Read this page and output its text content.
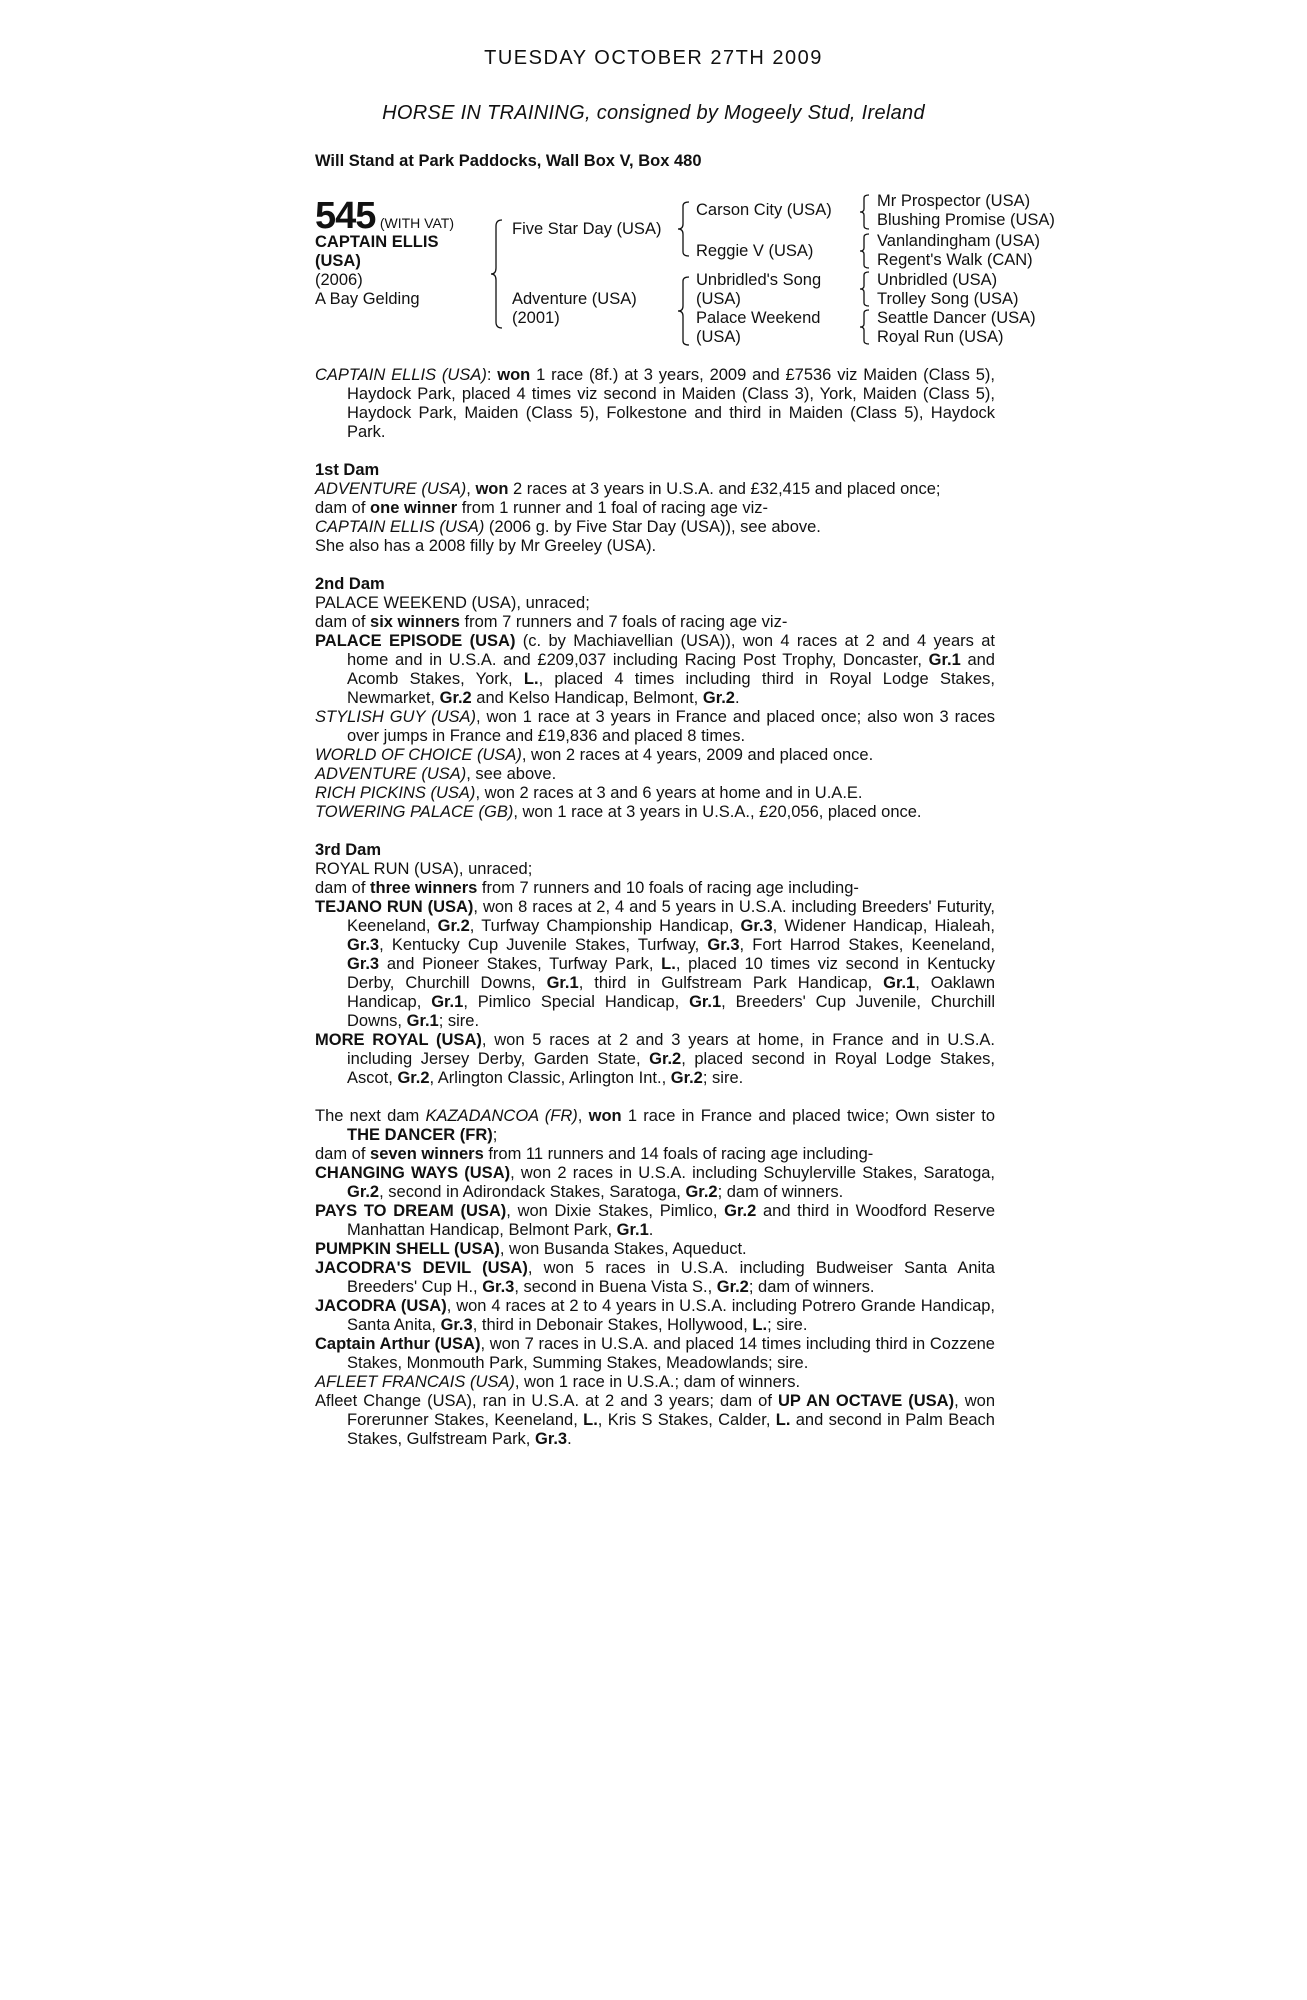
TUESDAY OCTOBER 27TH 2009
HORSE IN TRAINING, consigned by Mogeely Stud, Ireland
Will Stand at Park Paddocks, Wall Box V, Box 480
545 (WITH VAT)
CAPTAIN ELLIS
(USA)
(2006)
A Bay Gelding
Five Star Day (USA)
Adventure (USA)
(2001)
Carson City (USA)
Reggie V (USA)
Unbridled's Song
(USA)
Palace Weekend
(USA)
Mr Prospector (USA)
Blushing Promise (USA)
Vanlandingham (USA)
Regent's Walk (CAN)
Unbridled (USA)
Trolley Song (USA)
Seattle Dancer (USA)
Royal Run (USA)

CAPTAIN ELLIS (USA): won 1 race (8f.) at 3 years, 2009 and £7536 viz Maiden (Class 5), Haydock Park, placed 4 times viz second in Maiden (Class 3), York, Maiden (Class 5), Haydock Park, Maiden (Class 5), Folkestone and third in Maiden (Class 5), Haydock Park.

1st Dam

ADVENTURE (USA), won 2 races at 3 years in U.S.A. and £32,415 and placed once;

dam of one winner from 1 runner and 1 foal of racing age viz-

CAPTAIN ELLIS (USA) (2006 g. by Five Star Day (USA)), see above.

She also has a 2008 filly by Mr Greeley (USA).

2nd Dam

PALACE WEEKEND (USA), unraced;

dam of six winners from 7 runners and 7 foals of racing age viz-

PALACE EPISODE (USA) (c. by Machiavellian (USA)), won 4 races at 2 and 4 years at home and in U.S.A. and £209,037 including Racing Post Trophy, Doncaster, Gr.1 and Acomb Stakes, York, L., placed 4 times including third in Royal Lodge Stakes, Newmarket, Gr.2 and Kelso Handicap, Belmont, Gr.2.

STYLISH GUY (USA), won 1 race at 3 years in France and placed once; also won 3 races over jumps in France and £19,836 and placed 8 times.

WORLD OF CHOICE (USA), won 2 races at 4 years, 2009 and placed once.

ADVENTURE (USA), see above.

RICH PICKINS (USA), won 2 races at 3 and 6 years at home and in U.A.E.

TOWERING PALACE (GB), won 1 race at 3 years in U.S.A., £20,056, placed once.

3rd Dam

ROYAL RUN (USA), unraced;

dam of three winners from 7 runners and 10 foals of racing age including-

TEJANO RUN (USA), won 8 races at 2, 4 and 5 years in U.S.A. including Breeders' Futurity, Keeneland, Gr.2, Turfway Championship Handicap, Gr.3, Widener Handicap, Hialeah, Gr.3, Kentucky Cup Juvenile Stakes, Turfway, Gr.3, Fort Harrod Stakes, Keeneland, Gr.3 and Pioneer Stakes, Turfway Park, L., placed 10 times viz second in Kentucky Derby, Churchill Downs, Gr.1, third in Gulfstream Park Handicap, Gr.1, Oaklawn Handicap, Gr.1, Pimlico Special Handicap, Gr.1, Breeders' Cup Juvenile, Churchill Downs, Gr.1; sire.

MORE ROYAL (USA), won 5 races at 2 and 3 years at home, in France and in U.S.A. including Jersey Derby, Garden State, Gr.2, placed second in Royal Lodge Stakes, Ascot, Gr.2, Arlington Classic, Arlington Int., Gr.2; sire.

The next dam KAZADANCOA (FR), won 1 race in France and placed twice; Own sister to THE DANCER (FR);

dam of seven winners from 11 runners and 14 foals of racing age including-

CHANGING WAYS (USA), won 2 races in U.S.A. including Schuylerville Stakes, Saratoga, Gr.2, second in Adirondack Stakes, Saratoga, Gr.2; dam of winners.

PAYS TO DREAM (USA), won Dixie Stakes, Pimlico, Gr.2 and third in Woodford Reserve Manhattan Handicap, Belmont Park, Gr.1.

PUMPKIN SHELL (USA), won Busanda Stakes, Aqueduct.

JACODRA'S DEVIL (USA), won 5 races in U.S.A. including Budweiser Santa Anita Breeders' Cup H., Gr.3, second in Buena Vista S., Gr.2; dam of winners.

JACODRA (USA), won 4 races at 2 to 4 years in U.S.A. including Potrero Grande Handicap, Santa Anita, Gr.3, third in Debonair Stakes, Hollywood, L.; sire.

Captain Arthur (USA), won 7 races in U.S.A. and placed 14 times including third in Cozzene Stakes, Monmouth Park, Summing Stakes, Meadowlands; sire.

AFLEET FRANCAIS (USA), won 1 race in U.S.A.; dam of winners.

Afleet Change (USA), ran in U.S.A. at 2 and 3 years; dam of UP AN OCTAVE (USA), won Forerunner Stakes, Keeneland, L., Kris S Stakes, Calder, L. and second in Palm Beach Stakes, Gulfstream Park, Gr.3.
